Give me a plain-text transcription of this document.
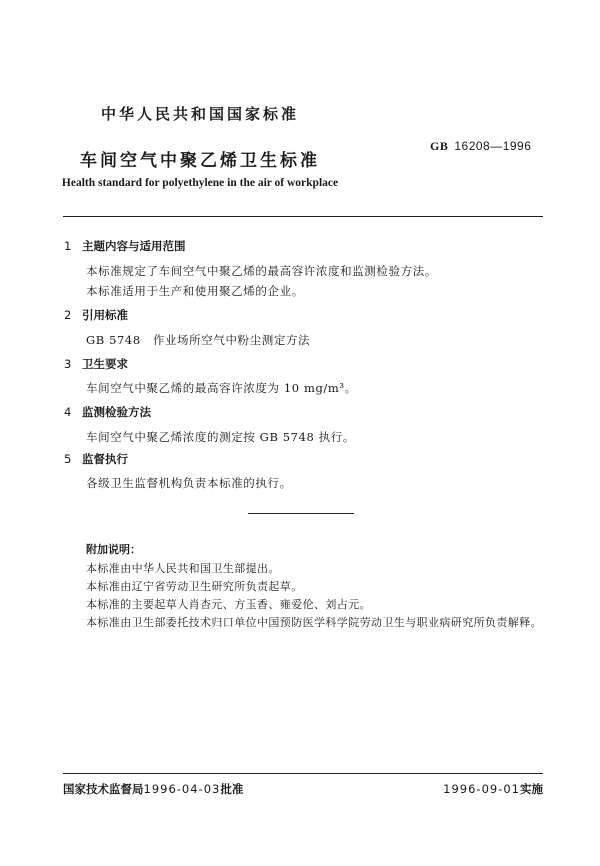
中华人民共和国国家标准
GB 16208—1996
车间空气中聚乙烯卫生标准
Health standard for polyethylene in the air of workplace
1 主题内容与适用范围
本标准规定了车间空气中聚乙烯的最高容许浓度和监测检验方法。
本标准适用于生产和使用聚乙烯的企业。
2 引用标准
GB 5748　作业场所空气中粉尘测定方法
3 卫生要求
车间空气中聚乙烯的最高容许浓度为 10 mg/m³。
4 监测检验方法
车间空气中聚乙烯浓度的测定按 GB 5748 执行。
5 监督执行
各级卫生监督机构负责本标准的执行。
附加说明：
本标准由中华人民共和国卫生部提出。
本标准由辽宁省劳动卫生研究所负责起草。
本标准的主要起草人肖杏元、方玉香、雍爱伦、刘占元。
本标准由卫生部委托技术归口单位中国预防医学科学院劳动卫生与职业病研究所负责解释。
国家技术监督局1996-04-03批准	1996-09-01实施
